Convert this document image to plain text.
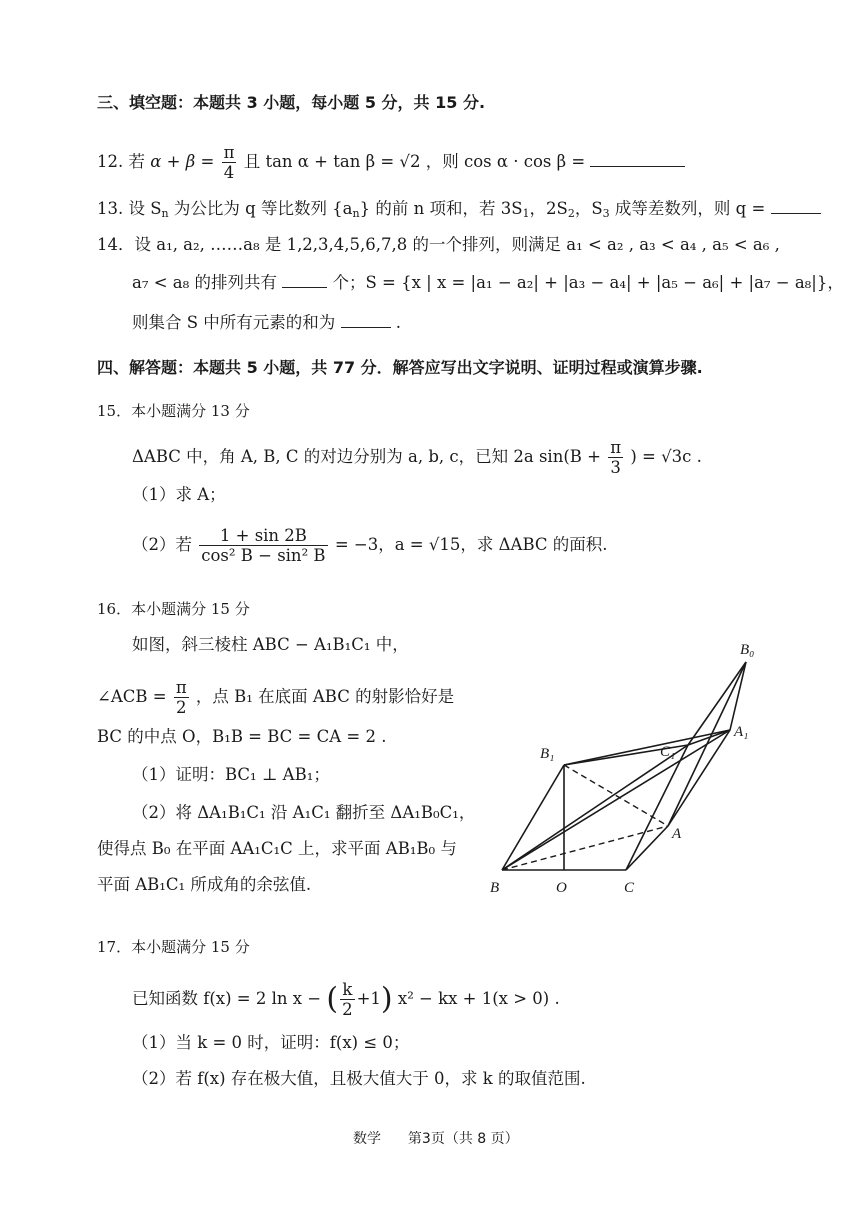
三、填空题：本题共 3 小题，每小题 5 分，共 15 分.
12. 若 $\alpha + \beta = \frac{\pi}{4}$ 且 tan α + tan β = √2 ，则 cos α · cos β =
13. 设 $S_n$ 为公比为 q 等比数列 $\{a_n\}$ 的前 n 项和，若 $3S_1$，$2S_2$，$S_3$ 成等差数列，则 q =
14．设 a₁, a₂, ……a₈ 是 1,2,3,4,5,6,7,8 的一个排列，则满足 a₁ < a₂ , a₃ < a₄ , a₅ < a₆ ,
a₇ < a₈ 的排列共有	个；S = {x | x = |a₁ − a₂| + |a₃ − a₄| + |a₅ − a₆| + |a₇ − a₈|}，
则集合 S 中所有元素的和为	.
四、解答题：本题共 5 小题，共 77 分．解答应写出文字说明、证明过程或演算步骤.
15．本小题满分 13 分
ΔABC 中，角 A, B, C 的对边分别为 a, b, c，已知 2a $\sin(B + \frac{\pi}{3}$ ) = √3c .
（1）求 A；
（2）若 $\frac{1 + \sin 2B}{\text{cos² B − sin² B}} = -3$，a = √15，求 ΔABC 的面积.
16．本小题满分 15 分
如图，斜三棱柱 ABC − A₁B₁C₁ 中，
∠ACB = $\frac{\pi}{2}$ ，点 B₁ 在底面 ABC 的射影恰好是
BC 的中点 O，B₁B = BC = CA = 2 .
（1）证明：BC₁ ⊥ AB₁；
（2）将 ΔA₁B₁C₁ 沿 A₁C₁ 翻折至 ΔA₁B₀C₁，
使得点 B₀ 在平面 AA₁C₁C 上，求平面 AB₁B₀ 与
平面 AB₁C₁ 所成角的余弦值.
B₀
A₁
B₁	C₁
A
B	O	C
17．本小题满分 15 分
已知函数 f(x) = 2 ln x − ( $\frac{k}{2} +1$) x² − kx + 1(x > 0) .
（1）当 k = 0 时，证明：f(x) ≤ 0；
（2）若 f(x) 存在极大值，且极大值大于 0，求 k 的取值范围.
数学 第3页（共 8 页）
